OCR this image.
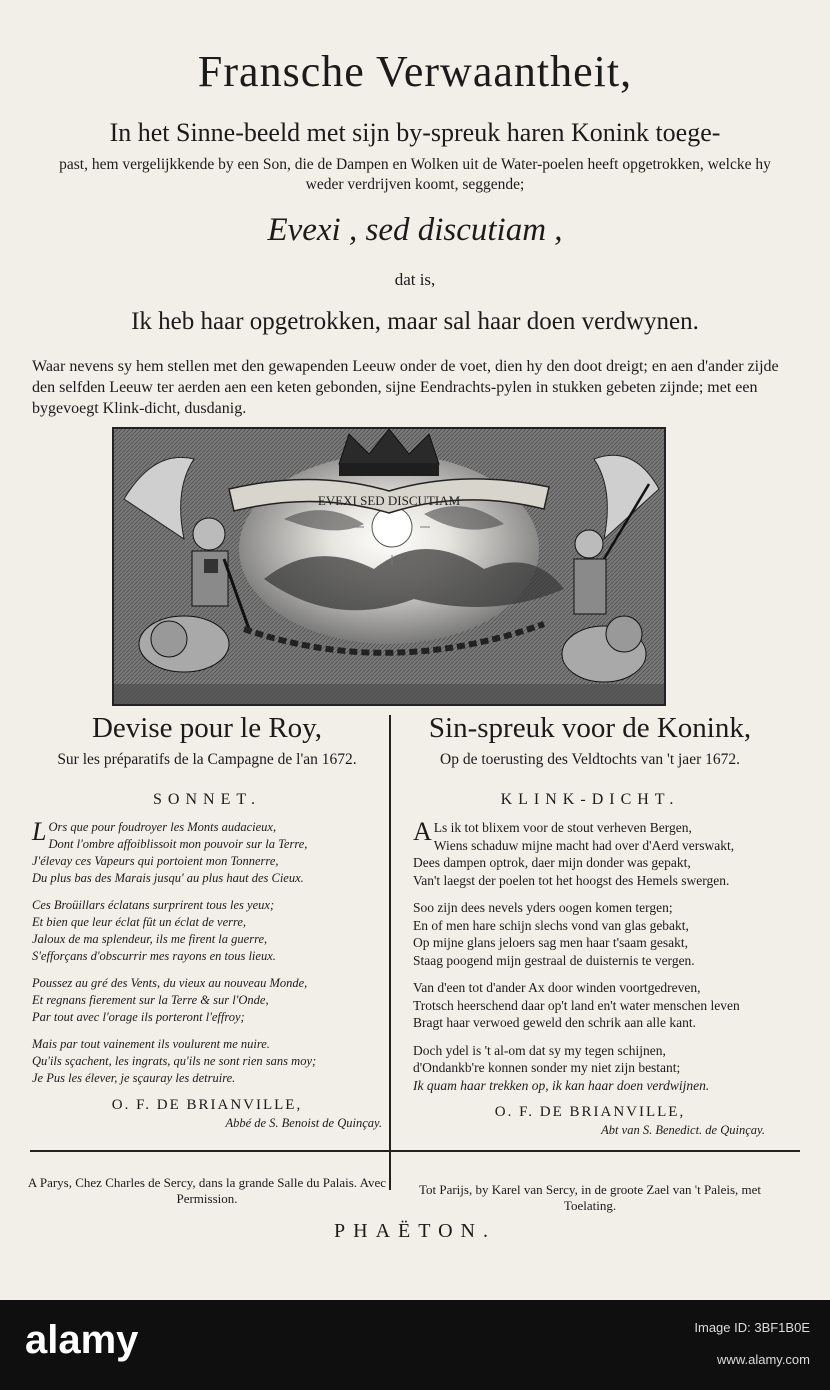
Fransche Verwaantheit,
In het Sinne-beeld met sijn by-spreuk haren Konink toege-
past, hem vergelijkkende by een Son, die de Dampen en Wolken uit de Water-poelen heeft opgetrokken, welcke hy weder verdrijven koomt, seggende;
Evexi , sed discutiam ,
dat is,
Ik heb haar opgetrokken, maar sal haar doen verdwynen.
Waar nevens sy hem stellen met den gewapenden Leeuw onder de voet, dien hy den doot dreigt; en aen d'ander zijde den selfden Leeuw ter aerden aen een keten gebonden, sijne Eendrachts-pylen in stukken gebeten zijnde; met een bygevoegt Klink-dicht, dusdanig.
EVEXI SED DISCUTIAM
Devise pour le Roy,
Sur les préparatifs de la Campagne de l'an 1672.
SONNET.
L Ors que pour foudroyer les Monts audacieux,
Dont l'ombre affoiblissoit mon pouvoir sur la Terre,
J'élevay ces Vapeurs qui portoient mon Tonnerre,
Du plus bas des Marais jusqu' au plus haut des Cieux.
Ces Broüillars éclatans surprirent tous les yeux;
Et bien que leur éclat fût un éclat de verre,
Jaloux de ma splendeur, ils me firent la guerre,
S'efforçans d'obscurrir mes rayons en tous lieux.
Poussez au gré des Vents, du vieux au nouveau Monde,
Et regnans fierement sur la Terre & sur l'Onde,
Par tout avec l'orage ils porteront l'effroy;
Mais par tout vainement ils voulurent me nuire.
Qu'ils sçachent, les ingrats, qu'ils ne sont rien sans moy;
Je Pus les élever, je sçauray les detruire.
O. F. DE BRIANVILLE,
Abbé de S. Benoist de Quinçay.
A Parys, Chez Charles de Sercy, dans la grande Salle du Palais. Avec Permission.
Sin-spreuk voor de Konink,
Op de toerusting des Veldtochts van 't jaer 1672.
KLINK-DICHT.
A Ls ik tot blixem voor de stout verheven Bergen,
Wiens schaduw mijne macht had over d'Aerd verswakt,
Dees dampen optrok, daer mijn donder was gepakt,
Van't laegst der poelen tot het hoogst des Hemels swergen.
Soo zijn dees nevels yders oogen komen tergen;
En of men hare schijn slechs vond van glas gebakt,
Op mijne glans jeloers sag men haar t'saam gesakt,
Staag poogend mijn gestraal de duisternis te vergen.
Van d'een tot d'ander Ax door winden voortgedreven,
Trotsch heerschend daar op't land en't water menschen leven
Bragt haar verwoed geweld den schrik aan alle kant.
Doch ydel is 't al-om dat sy my tegen schijnen,
d'Ondankb're konnen sonder my niet zijn bestant;
Ik quam haar trekken op, ik kan haar doen verdwijnen.
O. F. DE BRIANVILLE,
Abt van S. Benedict. de Quinçay.
Tot Parijs, by Karel van Sercy, in de groote Zael van 't Paleis, met Toelating.
PHAËTON.
alamy	Image ID: 3BF1B0E
www.alamy.com
